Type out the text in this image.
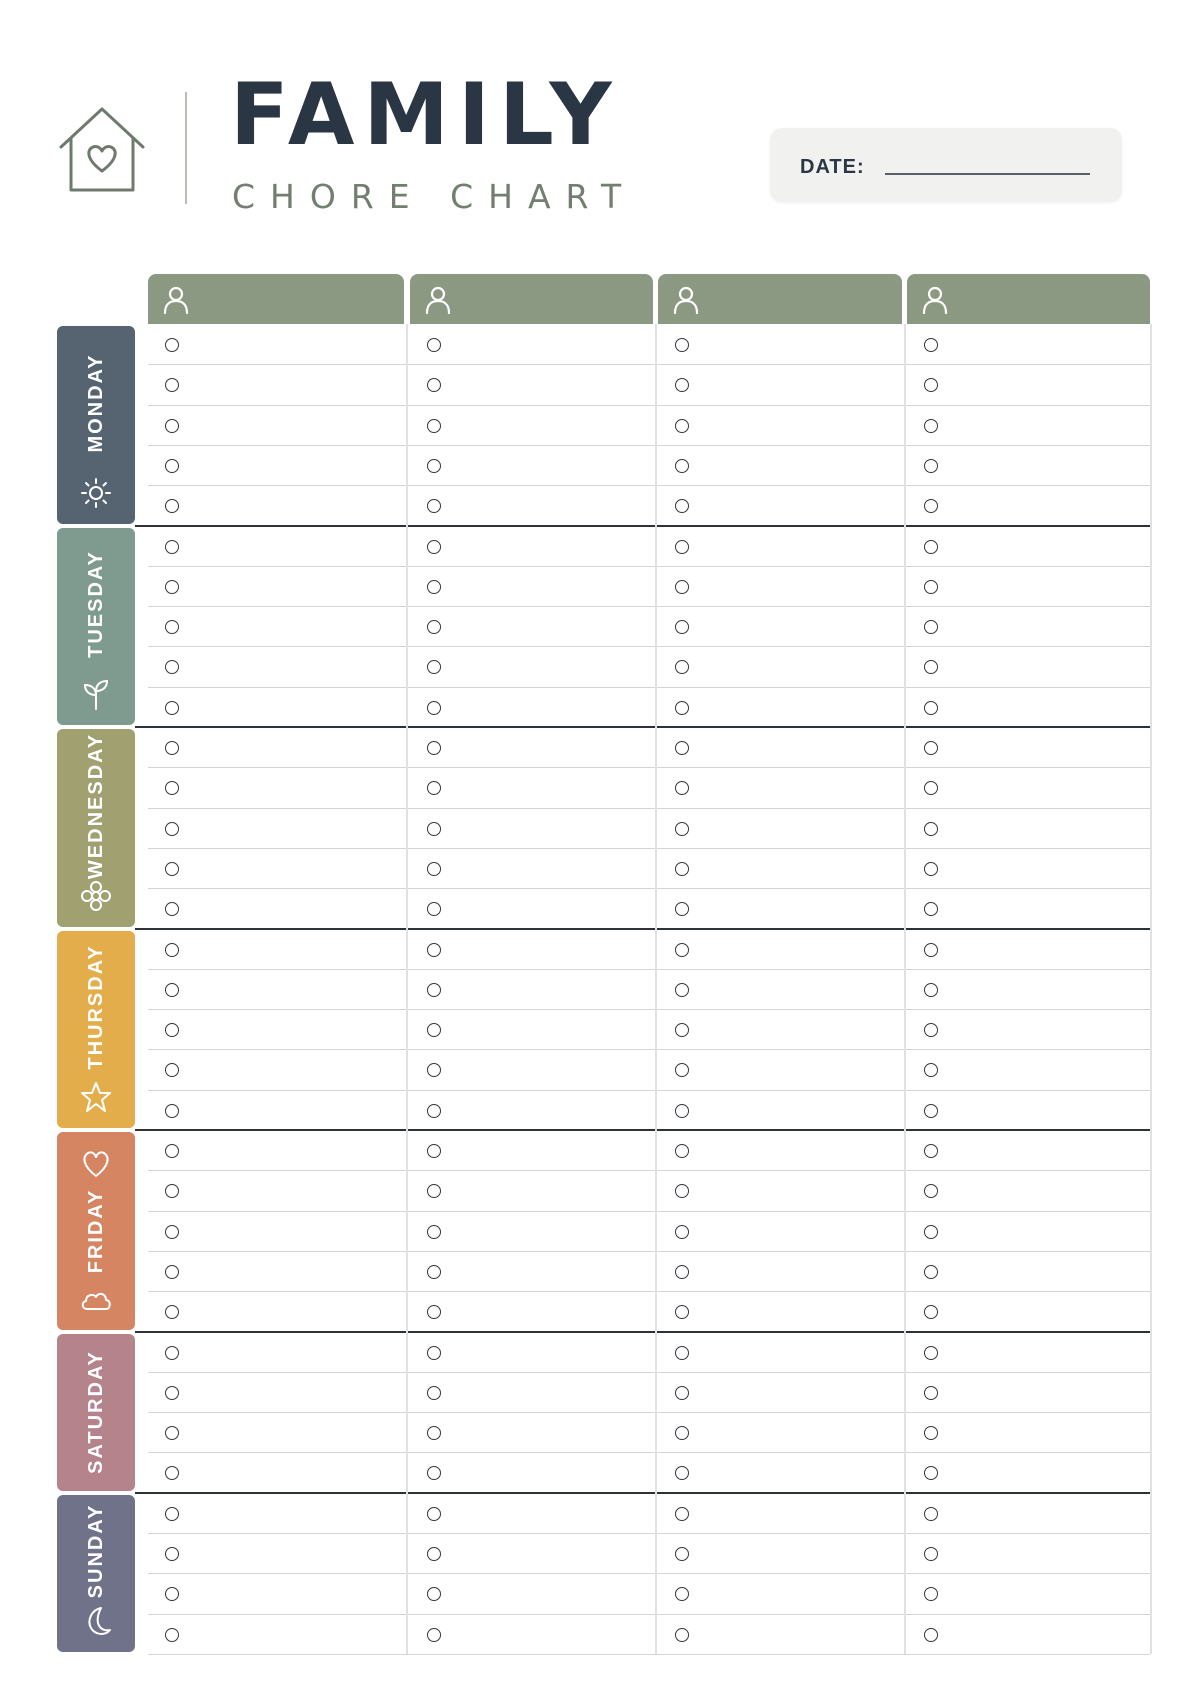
FAMILY
CHORE CHART
DATE:
MONDAY
TUESDAY
WEDNESDAY
THURSDAY
FRIDAY
SATURDAY
SUNDAY
